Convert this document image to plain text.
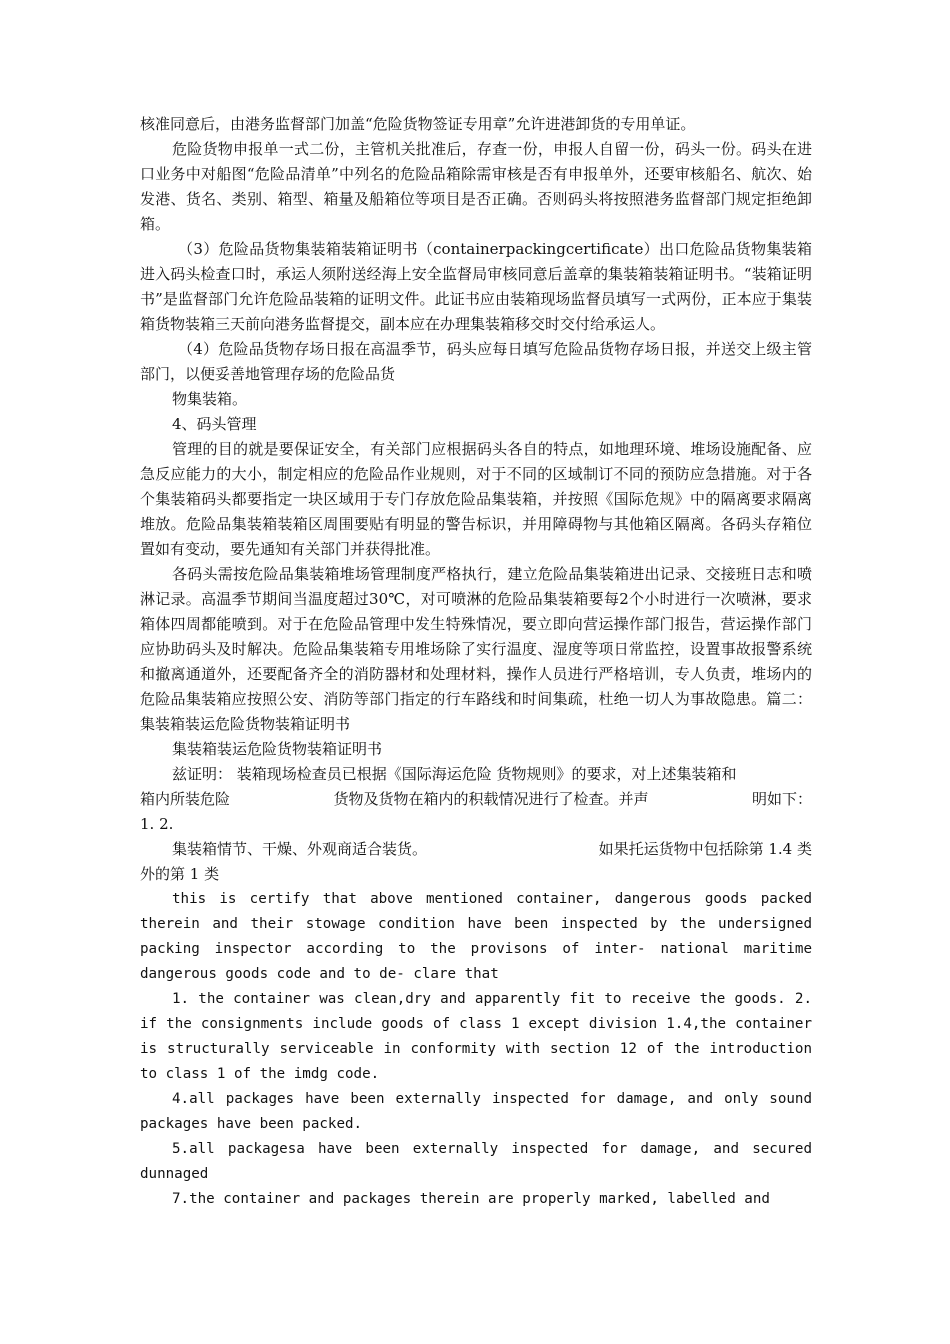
核准同意后，由港务监督部门加盖“危险货物签证专用章”允许进港卸货的专用单证。

危险货物申报单一式二份，主管机关批准后，存查一份，申报人自留一份，码头一份。码头在进口业务中对船图“危险品清单”中列名的危险品箱除需审核是否有申报单外，还要审核船名、航次、始发港、货名、类别、箱型、箱量及船箱位等项目是否正确。否则码头将按照港务监督部门规定拒绝卸箱。

（3）危险品货物集装箱装箱证明书（containerpackingcertificate）出口危险品货物集装箱进入码头检查口时，承运人须附送经海上安全监督局审核同意后盖章的集装箱装箱证明书。“装箱证明书”是监督部门允许危险品装箱的证明文件。此证书应由装箱现场监督员填写一式两份，正本应于集装箱货物装箱三天前向港务监督提交，副本应在办理集装箱移交时交付给承运人。

（4）危险品货物存场日报在高温季节，码头应每日填写危险品货物存场日报，并送交上级主管部门，以便妥善地管理存场的危险品货

物集装箱。

4、码头管理

管理的目的就是要保证安全，有关部门应根据码头各自的特点，如地理环境、堆场设施配备、应急反应能力的大小，制定相应的危险品作业规则，对于不同的区域制订不同的预防应急措施。对于各个集装箱码头都要指定一块区域用于专门存放危险品集装箱，并按照《国际危规》中的隔离要求隔离堆放。危险品集装箱装箱区周围要贴有明显的警告标识，并用障碍物与其他箱区隔离。各码头存箱位置如有变动，要先通知有关部门并获得批准。

各码头需按危险品集装箱堆场管理制度严格执行，建立危险品集装箱进出记录、交接班日志和喷淋记录。高温季节期间当温度超过30℃，对可喷淋的危险品集装箱要每2个小时进行一次喷淋，要求箱体四周都能喷到。对于在危险品管理中发生特殊情况，要立即向营运操作部门报告，营运操作部门应协助码头及时解决。危险品集装箱专用堆场除了实行温度、湿度等项日常监控，设置事故报警系统和撤离通道外，还要配备齐全的消防器材和处理材料，操作人员进行严格培训，专人负责，堆场内的危险品集装箱应按照公安、消防等部门指定的行车路线和时间集疏，杜绝一切人为事故隐患。篇二：集装箱装运危险货物装箱证明书

集装箱装运危险货物装箱证明书

兹证明： 装箱现场检查员已根据《国际海运危险 货物规则》的要求，对上述集装箱和

箱内所装危险	货物及货物在箱内的积载情况进行了检查。并声	明如下：

1. 2.

集装箱情节、干燥、外观商适合装货。	如果托运货物中包括除第 1.4 类

外的第 1 类

this is certify that above mentioned container, dangerous goods packed therein and their stowage condition have been inspected by the undersigned packing inspector according to the provisons of inter- national maritime dangerous goods code and to de- clare that

1. the container was clean,dry and apparently fit to receive the goods. 2. if the consignments include goods of class 1 except division 1.4,the container is structurally serviceable in conformity with section 12 of the introduction to class 1 of the imdg code.

4.all packages have been externally inspected for damage, and only sound packages have been packed.

5.all packagesa have been externally inspected for damage, and secured dunnaged

7.the container and packages therein are properly marked, labelled and
